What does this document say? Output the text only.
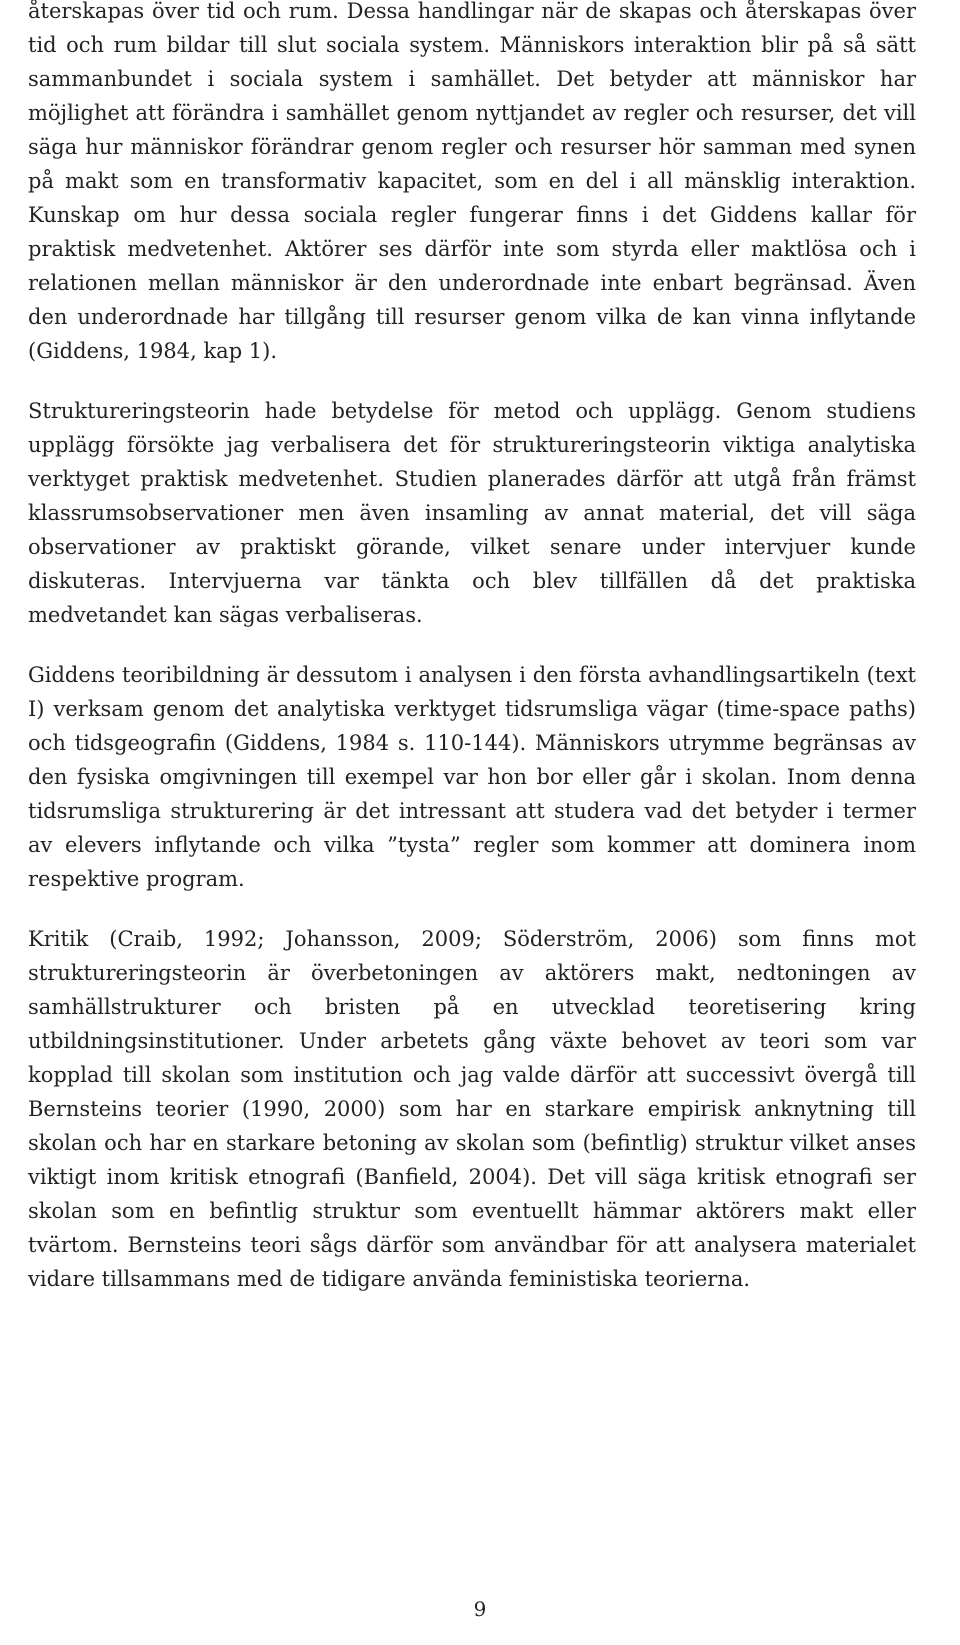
återskapas över tid och rum. Dessa handlingar när de skapas och återskapas över tid och rum bildar till slut sociala system. Människors interaktion blir på så sätt sammanbundet i sociala system i samhället. Det betyder att människor har möjlighet att förändra i samhället genom nyttjandet av regler och resurser, det vill säga hur människor förändrar genom regler och resurser hör samman med synen på makt som en transformativ kapacitet, som en del i all mänsklig interaktion. Kunskap om hur dessa sociala regler fungerar finns i det Giddens kallar för praktisk medvetenhet. Aktörer ses därför inte som styrda eller maktlösa och i relationen mellan människor är den underordnade inte enbart begränsad. Även den underordnade har tillgång till resurser genom vilka de kan vinna inflytande (Giddens, 1984, kap 1).

Struktureringsteorin hade betydelse för metod och upplägg. Genom studiens upplägg försökte jag verbalisera det för struktureringsteorin viktiga analytiska verktyget praktisk medvetenhet. Studien planerades därför att utgå från främst klassrumsobservationer men även insamling av annat material, det vill säga observationer av praktiskt görande, vilket senare under intervjuer kunde diskuteras. Intervjuerna var tänkta och blev tillfällen då det praktiska medvetandet kan sägas verbaliseras.

Giddens teoribildning är dessutom i analysen i den första avhandlingsartikeln (text I) verksam genom det analytiska verktyget tidsrumsliga vägar (time-space paths) och tidsgeografin (Giddens, 1984 s. 110-144). Människors utrymme begränsas av den fysiska omgivningen till exempel var hon bor eller går i skolan. Inom denna tidsrumsliga strukturering är det intressant att studera vad det betyder i termer av elevers inflytande och vilka ”tysta” regler som kommer att dominera inom respektive program.

Kritik (Craib, 1992; Johansson, 2009; Söderström, 2006) som finns mot struktureringsteorin är överbetoningen av aktörers makt, nedtoningen av samhällstrukturer och bristen på en utvecklad teoretisering kring utbildningsinstitutioner. Under arbetets gång växte behovet av teori som var kopplad till skolan som institution och jag valde därför att successivt övergå till Bernsteins teorier (1990, 2000) som har en starkare empirisk anknytning till skolan och har en starkare betoning av skolan som (befintlig) struktur vilket anses viktigt inom kritisk etnografi (Banfield, 2004). Det vill säga kritisk etnografi ser skolan som en befintlig struktur som eventuellt hämmar aktörers makt eller tvärtom. Bernsteins teori sågs därför som användbar för att analysera materialet vidare tillsammans med de tidigare använda feministiska teorierna.

9
